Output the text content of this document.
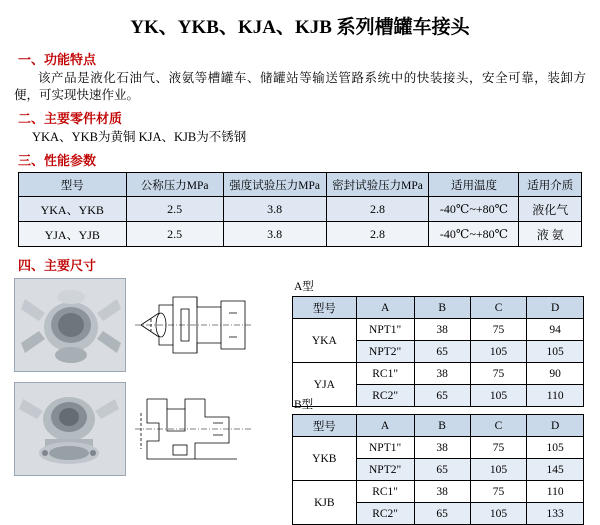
YK、YKB、KJA、KJB 系列槽罐车接头
一、功能特点
该产品是液化石油气、液氨等槽罐车、储罐站等输送管路系统中的快装接头，安全可靠，装卸方便，可实现快速作业。
二、主要零件材质
YKA、YKB为黄铜 KJA、KJB为不锈钢
三、性能参数
型号	公称压力MPa	强度试验压力MPa	密封试验压力MPa	适用温度	适用介质
YKA、YKB	2.5	3.8	2.8	-40℃~+80℃	液化气
YJA、YJB	2.5	3.8	2.8	-40℃~+80℃	液 氨
四、主要尺寸
A型
型号	A	B	C	D
YKA	NPT1"	38	75	94
	NPT2"	65	105	105
YJA	RC1"	38	75	90
	RC2"	65	105	110
B型
型号	A	B	C	D
YKB	NPT1"	38	75	105
	NPT2"	65	105	145
KJB	RC1"	38	75	110
	RC2"	65	105	133
